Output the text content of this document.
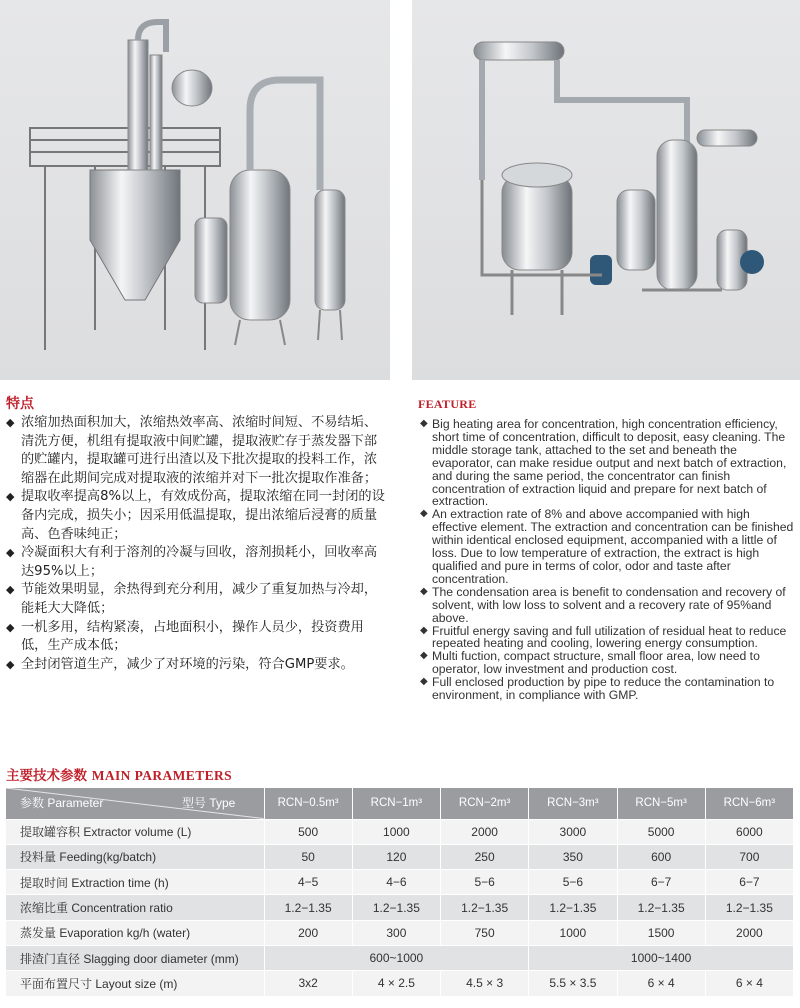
特点
◆ 浓缩加热面积加大，浓缩热效率高、浓缩时间短、不易结垢、清洗方便，机组有提取液中间贮罐，提取液贮存于蒸发器下部的贮罐内，提取罐可进行出渣以及下批次提取的投料工作，浓缩器在此期间完成对提取液的浓缩并对下一批次提取作准备；
◆ 提取收率提高8%以上，有效成份高，提取浓缩在同一封闭的设备内完成，损失小；因采用低温提取，提出浓缩后浸膏的质量高、色香味纯正；
◆ 冷凝面积大有利于溶剂的冷凝与回收，溶剂损耗小，回收率高达95%以上；
◆ 节能效果明显，余热得到充分利用，减少了重复加热与冷却，能耗大大降低；
◆ 一机多用，结构紧凑，占地面积小，操作人员少，投资费用低，生产成本低；
◆ 全封闭管道生产，减少了对环境的污染，符合GMP要求。
FEATURE
◆ Big heating area for concentration, high concentration efficiency, short time of concentration, difficult to deposit, easy cleaning. The middle storage tank, attached to the set and beneath the evaporator, can make residue output and next batch of extraction, and during the same period, the concentrator can finish concentration of extraction liquid and prepare for next batch of extraction.
◆ An extraction rate of 8% and above accompanied with high effective element. The extraction and concentration can be finished within identical enclosed equipment, accompanied with a little of loss. Due to low temperature of extraction, the extract is high qualified and pure in terms of color, odor and taste after concentration.
◆ The condensation area is benefit to condensation and recovery of solvent, with low loss to solvent and a recovery rate of 95%and above.
◆ Fruitful energy saving and full utilization of residual heat to reduce repeated heating and cooling, lowering energy consumption.
◆ Multi fuction, compact structure, small floor area, low need to operator, low investment and production cost.
◆ Full enclosed production by pipe to reduce the contamination to environment, in compliance with GMP.
主要技术参数 MAIN PARAMETERS
参数 Parameter 型号 Type	RCN−0.5m³	RCN−1m³	RCN−2m³	RCN−3m³	RCN−5m³	RCN−6m³
提取罐容积 Extractor volume (L)	500	1000	2000	3000	5000	6000
投料量 Feeding(kg/batch)	50	120	250	350	600	700
提取时间 Extraction time (h)	4−5	4−6	5−6	5−6	6−7	6−7
浓缩比重 Concentration ratio	1.2−1.35	1.2−1.35	1.2−1.35	1.2−1.35	1.2−1.35	1.2−1.35
蒸发量 Evaporation kg/h (water)	200	300	750	1000	1500	2000
排渣门直径 Slagging door diameter (mm)	600~1000			1000~1400		
平面布置尺寸 Layout size (m)	3x2	4 × 2.5	4.5 × 3	5.5 × 3.5	6 × 4	6 × 4
